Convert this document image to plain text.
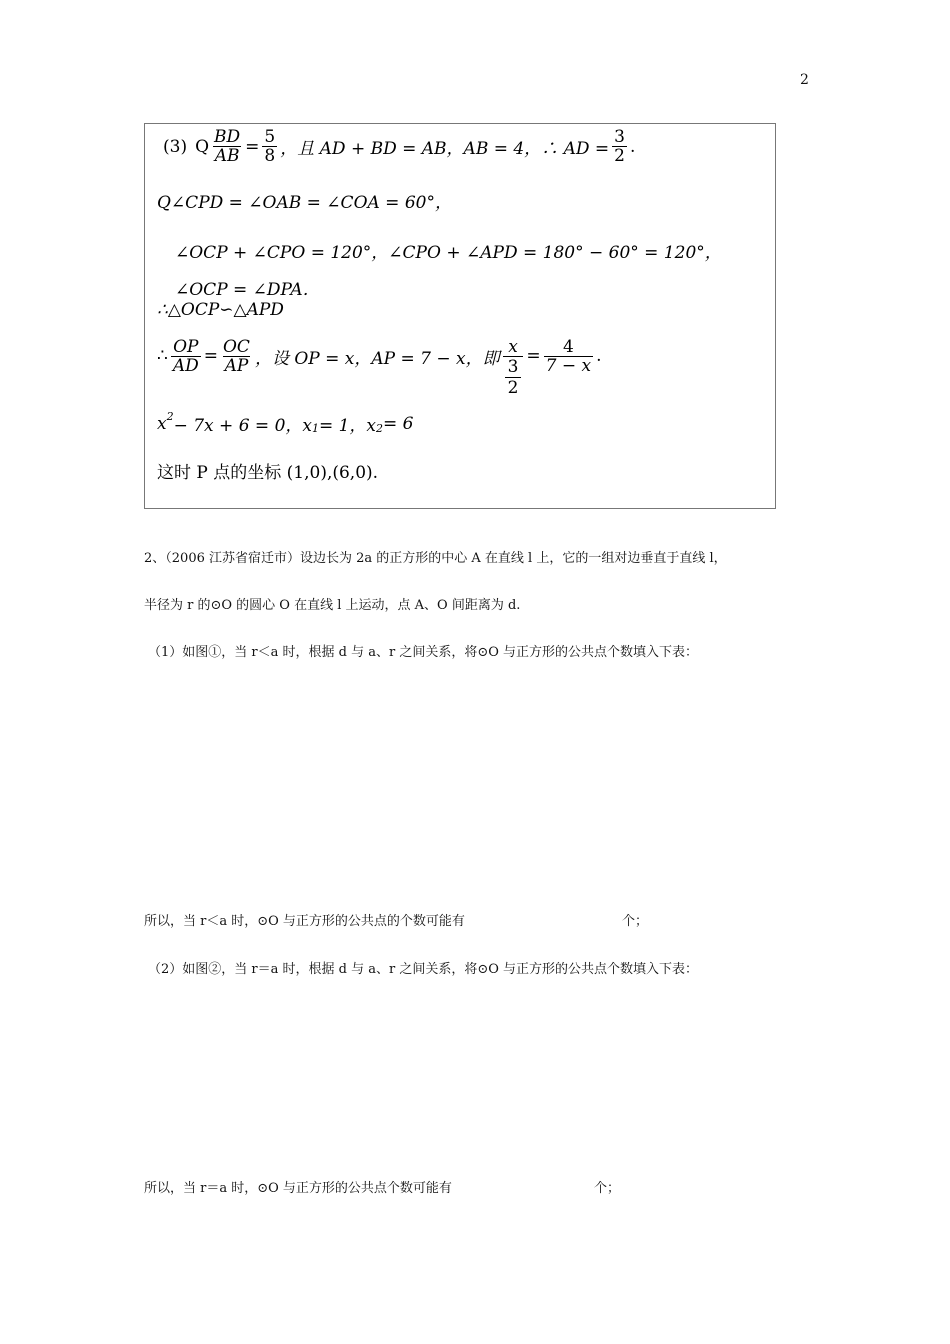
2
(3) Q $\frac{BD}{AB} = \frac{5}{8}$ ，且 AD + BD = AB，AB = 4，∴ AD = $\frac{3}{2}$ .
Q∠CPD = ∠OAB = ∠COA = 60°，
∠OCP + ∠CPO = 120°，∠CPO + ∠APD = 180° − 60° = 120°，
∠OCP = ∠DPA．
∴△OCP∽△APD
∴ $\frac{OP}{AD} = \frac{OC}{AP}$ ，设 OP = x，AP = 7 − x，即 x
3
$2 = \frac{4}{7 - x}$ .
x 2 − 7x + 6 = 0，x 1 = 1，x 2 = 6
这时 P 点的坐标 (1,0),(6,0).
2、（2006 江苏省宿迁市）设边长为 2a 的正方形的中心 A 在直线 l 上，它的一组对边垂直于直线 l，
半径为 r 的⊙O 的圆心 O 在直线 l 上运动，点 A、O 间距离为 d.
（1）如图①，当 r＜a 时，根据 d 与 a、r 之间关系，将⊙O 与正方形的公共点个数填入下表：
所以，当 r＜a 时，⊙O 与正方形的公共点的个数可能有	个；
（2）如图②，当 r＝a 时，根据 d 与 a、r 之间关系，将⊙O 与正方形的公共点个数填入下表：
所以，当 r＝a 时，⊙O 与正方形的公共点个数可能有	个；
